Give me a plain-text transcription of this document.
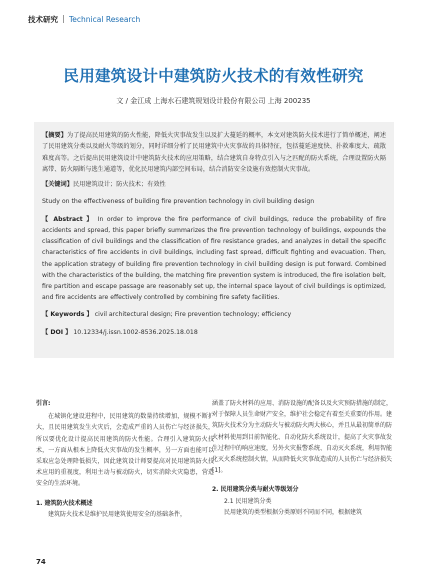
技术研究 Technical Research
民用建筑设计中建筑防火技术的有效性研究
文 / 金江成 上海水石建筑规划设计股份有限公司 上海 200235

【摘要】为了提高民用建筑的防火性能，降低火灾事故发生以及扩大蔓延的概率，本文对建筑防火技术进行了简单概述，阐述了民用建筑分类以及耐火等级的划分，同时详细分析了民用建筑中火灾事故的具体特征，包括蔓延速度快、扑救难度大、疏散难度高等。之后提出民用建筑设计中建筑防火技术的应用策略，结合建筑自身特点引入与之匹配的防火系统，合理设置防火隔离带、防火隔断与逃生通道等，优化民用建筑内部空间布局，结合消防安全设施有效控制火灾事故。

【关键词】民用建筑设计；防火技术；有效性

Study on the effectiveness of building fire prevention technology in civil building design

【 Abstract 】 In order to improve the fire performance of civil buildings, reduce the probability of fire accidents and spread, this paper briefly summarizes the fire prevention technology of buildings, expounds the classification of civil buildings and the classification of fire resistance grades, and analyzes in detail the specific characteristics of fire accidents in civil buildings, including fast spread, difficult fighting and evacuation. Then, the application strategy of building fire prevention technology in civil building design is put forward. Combined with the characteristics of the building, the matching fire prevention system is introduced, the fire isolation belt, fire partition and escape passage are reasonably set up, the internal space layout of civil buildings is optimized, and fire accidents are effectively controlled by combining fire safety facilities.

【 Keywords 】 civil architectural design; Fire prevention technology; efficiency

【 DOI 】 10.12334/j.issn.1002-8536.2025.18.018

引言:

在城镇化建设进程中，民用建筑的数量持续增加，规模不断扩大，且民用建筑发生火灾后，会造成严重的人员伤亡与经济损失，所以要优化设计提高民用建筑的防火性能。合理引入建筑防火技术，一方面从根本上降低火灾事故的发生概率，另一方面也能可以采取应急处理降低损失，因此建筑设计师要提高对民用建筑防火技术应用的重视度，利用主动与被动防火，切实消除火灾隐患，营造安全的生活环境。

1. 建筑防火技术概述

建筑防火技术是维护民用建筑使用安全的基础条件，

涵盖了防火材料的应用、消防设施的配备以及火灾预防措施的制定，对于保障人员生命财产安全，维护社会稳定有着至关重要的作用。建筑防火技术分为主动防火与被动防火两大核心，并且从最初简单的防火材料使用到目前智能化、自动化防火系统设计，提高了火灾事故发生过程中的响应速度，另外火灾报警系统、自动灭火系统，利用智能化灭火系统控制火情，从而降低火灾事故造成的人员伤亡与经济损失 [1]。

2. 民用建筑分类与耐火等级划分
2.1 民用建筑分类

民用建筑的类型根据分类原则不同而不同，根据建筑

74
